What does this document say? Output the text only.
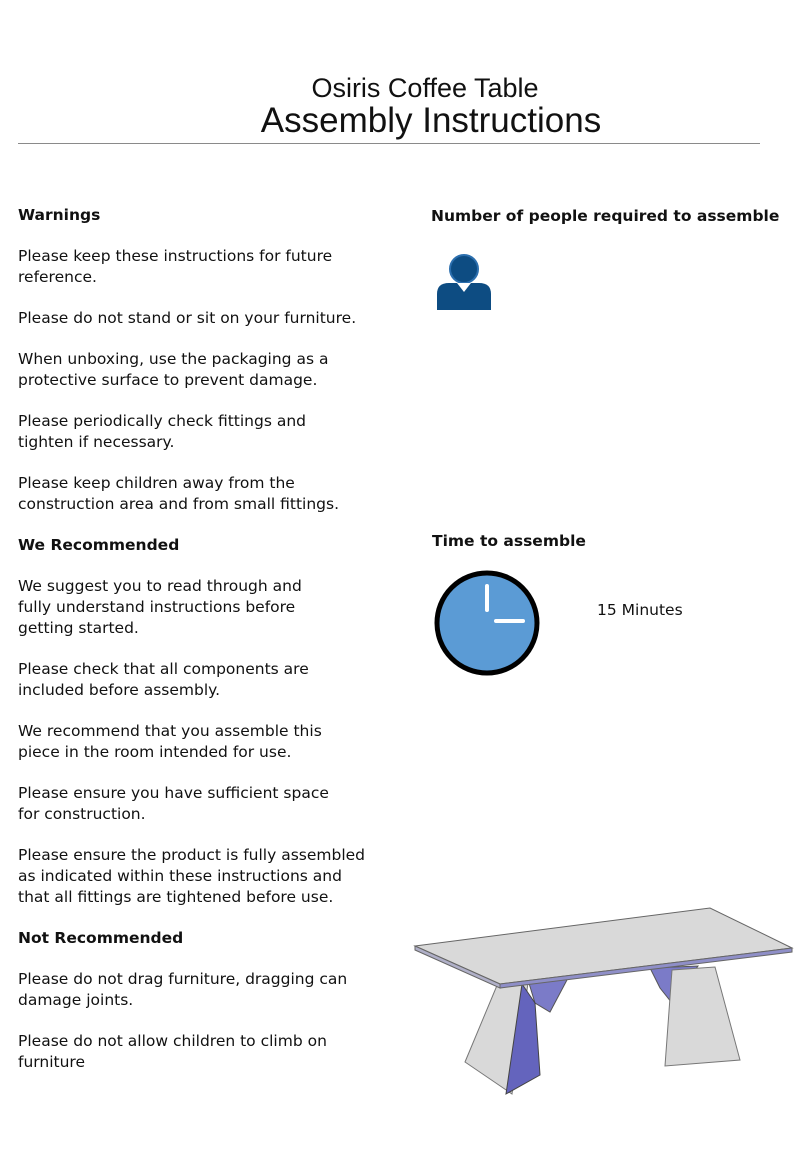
Osiris Coffee Table
Assembly Instructions
Warnings

Please keep these instructions for future reference.

Please do not stand or sit on your furniture.

When unboxing, use the packaging as a protective surface to prevent damage.

Please periodically check fittings and tighten if necessary.

Please keep children away from the construction area and from small fittings.

We Recommended

We suggest you to read through and fully understand instructions before getting started.

Please check that all components are included before assembly.

We recommend that you assemble this piece in the room intended for use.

Please ensure you have sufficient space for construction.

Please ensure the product is fully assembled as indicated within these instructions and that all fittings are tightened before use.

Not Recommended

Please do not drag furniture, dragging can damage joints.

Please do not allow children to climb on furniture

Number of people required to assemble
Time to assemble
15 Minutes
